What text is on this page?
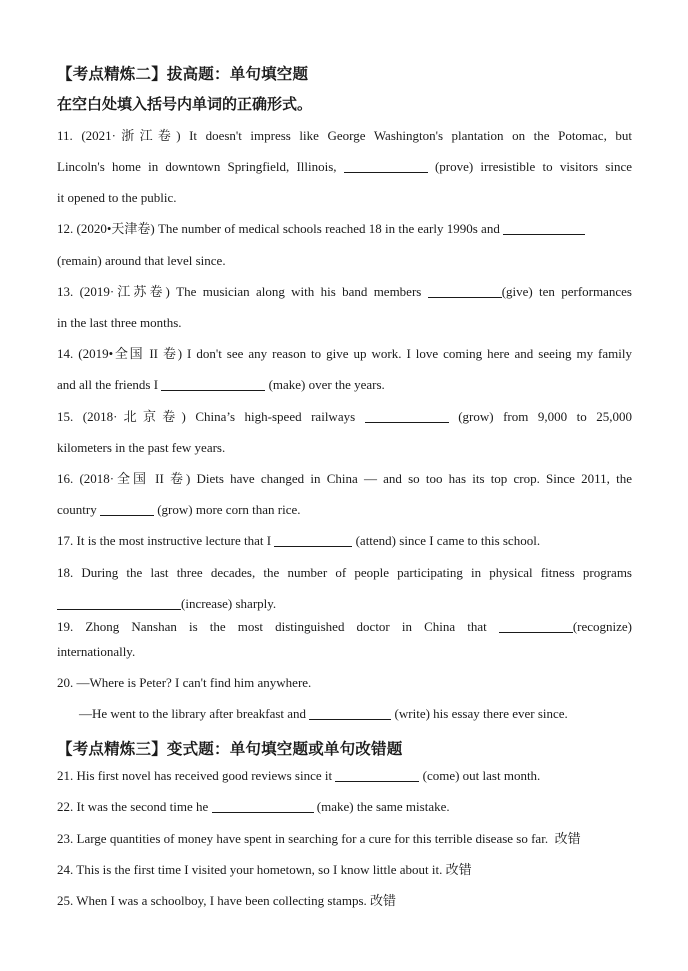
【考点精炼二】拔高题：单句填空题
在空白处填入括号内单词的正确形式。
11. (2021·浙江卷) It doesn't impress like George Washington's plantation on the Potomac, but
Lincoln's home in downtown Springfield, Illinois,	(prove) irresistible to visitors since
it opened to the public.
12. (2020•天津卷) The number of medical schools reached 18 in the early 1990s and
(remain) around that level since.
13. (2019·江苏卷) The musician along with his band members	(give) ten performances
in the last three months.
14. (2019•全国 II 卷) I don't see any reason to give up work. I love coming here and seeing my family
and all the friends I	(make) over the years.
15. (2018·北京卷) China’s high-speed railways	(grow) from 9,000 to 25,000
kilometers in the past few years.
16. (2018·全国 II 卷) Diets have changed in China — and so too has its top crop. Since 2011, the
country	(grow) more corn than rice.
17. It is the most instructive lecture that I	(attend) since I came to this school.
18. During the last three decades, the number of people participating in physical fitness programs
(increase) sharply.
19. Zhong Nanshan is the most distinguished doctor in China that	(recognize)
internationally.
20. —Where is Peter? I can't find him anywhere.
—He went to the library after breakfast and	(write) his essay there ever since.
【考点精炼三】变式题：单句填空题或单句改错题
21. His first novel has received good reviews since it	(come) out last month.
22. It was the second time he	(make) the same mistake.
23. Large quantities of money have spent in searching for a cure for this terrible disease so far. 改错
24. This is the first time I visited your hometown, so I know little about it. 改错
25. When I was a schoolboy, I have been collecting stamps. 改错
